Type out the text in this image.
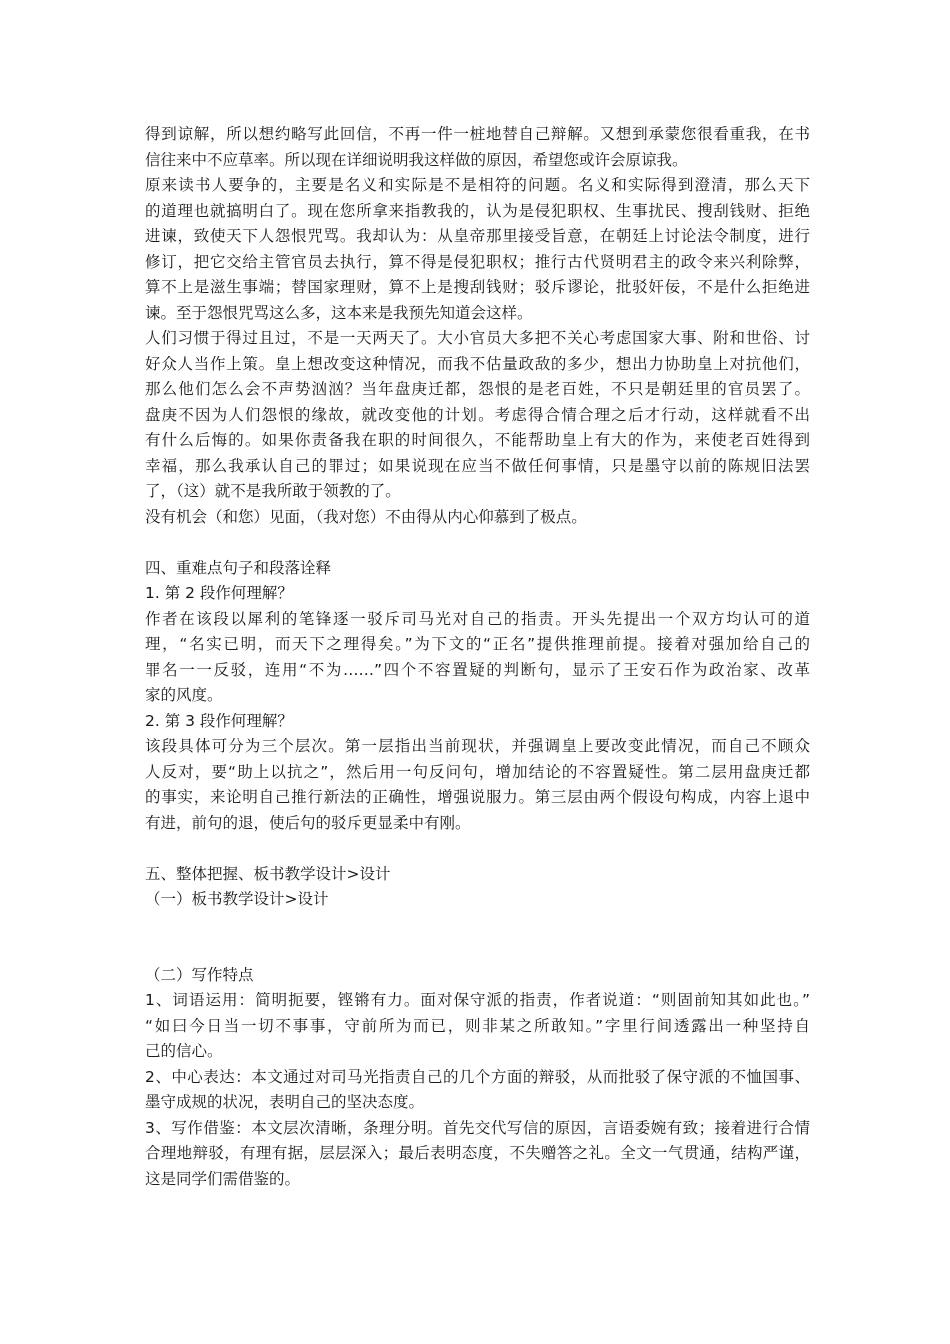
得到谅解，所以想约略写此回信，不再一件一桩地替自己辩解。又想到承蒙您很看重我，在书
信往来中不应草率。所以现在详细说明我这样做的原因，希望您或许会原谅我。
原来读书人要争的，主要是名义和实际是不是相符的问题。名义和实际得到澄清，那么天下
的道理也就搞明白了。现在您所拿来指教我的，认为是侵犯职权、生事扰民、搜刮钱财、拒绝
进谏，致使天下人怨恨咒骂。我却认为：从皇帝那里接受旨意，在朝廷上讨论法令制度，进行
修订，把它交给主管官员去执行，算不得是侵犯职权；推行古代贤明君主的政令来兴利除弊，
算不上是滋生事端；替国家理财，算不上是搜刮钱财；驳斥谬论，批驳奸佞，不是什么拒绝进
谏。至于怨恨咒骂这么多，这本来是我预先知道会这样。
人们习惯于得过且过，不是一天两天了。大小官员大多把不关心考虑国家大事、附和世俗、讨
好众人当作上策。皇上想改变这种情况，而我不估量政敌的多少，想出力协助皇上对抗他们，
那么他们怎么会不声势汹汹？当年盘庚迁都，怨恨的是老百姓，不只是朝廷里的官员罢了。
盘庚不因为人们怨恨的缘故，就改变他的计划。考虑得合情合理之后才行动，这样就看不出
有什么后悔的。如果你责备我在职的时间很久，不能帮助皇上有大的作为，来使老百姓得到
幸福，那么我承认自己的罪过；如果说现在应当不做任何事情，只是墨守以前的陈规旧法罢
了，（这）就不是我所敢于领教的了。
没有机会（和您）见面，（我对您）不由得从内心仰慕到了极点。
四、重难点句子和段落诠释
1. 第 2 段作何理解？
作者在该段以犀利的笔锋逐一驳斥司马光对自己的指责。开头先提出一个双方均认可的道
理，“名实已明，而天下之理得矣。”为下文的“正名”提供推理前提。接着对强加给自己的
罪名一一反驳，连用“不为……”四个不容置疑的判断句，显示了王安石作为政治家、改革
家的风度。
2. 第 3 段作何理解？
该段具体可分为三个层次。第一层指出当前现状，并强调皇上要改变此情况，而自己不顾众
人反对，要“助上以抗之”，然后用一句反问句，增加结论的不容置疑性。第二层用盘庚迁都
的事实，来论明自己推行新法的正确性，增强说服力。第三层由两个假设句构成，内容上退中
有进，前句的退，使后句的驳斥更显柔中有刚。
五、整体把握、板书教学设计>设计
（一）板书教学设计>设计
（二）写作特点
1、词语运用：简明扼要，铿锵有力。面对保守派的指责，作者说道：“则固前知其如此也。”
“如曰今日当一切不事事，守前所为而已，则非某之所敢知。”字里行间透露出一种坚持自
己的信心。
2、中心表达：本文通过对司马光指责自己的几个方面的辩驳，从而批驳了保守派的不恤国事、
墨守成规的状况，表明自己的坚决态度。
3、写作借鉴：本文层次清晰，条理分明。首先交代写信的原因，言语委婉有致；接着进行合情
合理地辩驳，有理有据，层层深入；最后表明态度，不失赠答之礼。全文一气贯通，结构严谨，
这是同学们需借鉴的。
